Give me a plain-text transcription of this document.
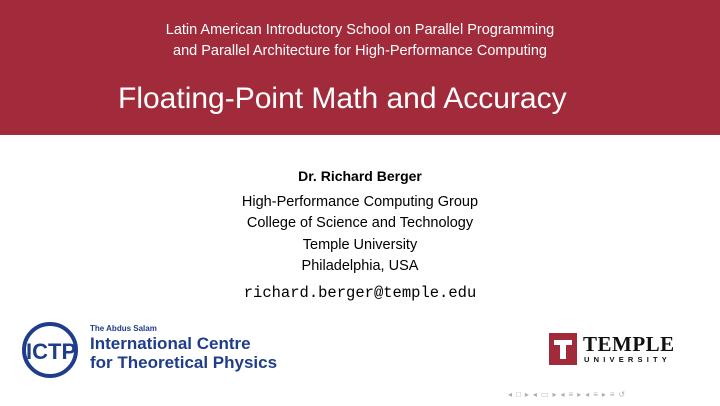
Latin American Introductory School on Parallel Programming
and Parallel Architecture for High-Performance Computing
Floating-Point Math and Accuracy
Dr. Richard Berger
High-Performance Computing Group
College of Science and Technology
Temple University
Philadelphia, USA
richard.berger@temple.edu
ICTP
The Abdus Salam
International Centre
for Theoretical Physics
TEMPLE
UNIVERSITY
◂ □ ▸ ◂ ▭ ▸ ◂ ≡ ▸ ◂ ≡ ▸ ≡ ↺
